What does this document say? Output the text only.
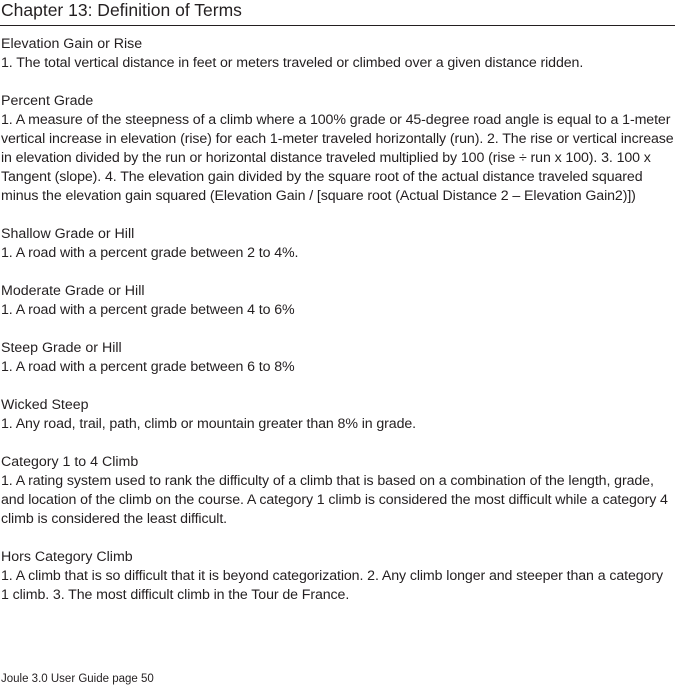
Chapter 13: Definition of Terms
Elevation Gain or Rise

1. The total vertical distance in feet or meters traveled or climbed over a given distance ridden.

Percent Grade

1. A measure of the steepness of a climb where a 100% grade or 45-degree road angle is equal to a 1-meter vertical increase in elevation (rise) for each 1-meter traveled horizontally (run). 2. The rise or vertical increase in elevation divided by the run or horizontal distance traveled multiplied by 100 (rise ÷ run x 100). 3. 100 x Tangent (slope). 4. The elevation gain divided by the square root of the actual distance traveled squared minus the elevation gain squared (Elevation Gain / [square root (Actual Distance 2 – Elevation Gain2)])

Shallow Grade or Hill

1. A road with a percent grade between 2 to 4%.

Moderate Grade or Hill

1. A road with a percent grade between 4 to 6%

Steep Grade or Hill

1. A road with a percent grade between 6 to 8%

Wicked Steep

1. Any road, trail, path, climb or mountain greater than 8% in grade.

Category 1 to 4 Climb

1. A rating system used to rank the difficulty of a climb that is based on a combination of the length, grade, and location of the climb on the course. A category 1 climb is considered the most difficult while a category 4 climb is considered the least difficult.

Hors Category Climb

1. A climb that is so difficult that it is beyond categorization. 2. Any climb longer and steeper than a category 1 climb. 3. The most difficult climb in the Tour de France.

Joule 3.0 User Guide page 50
